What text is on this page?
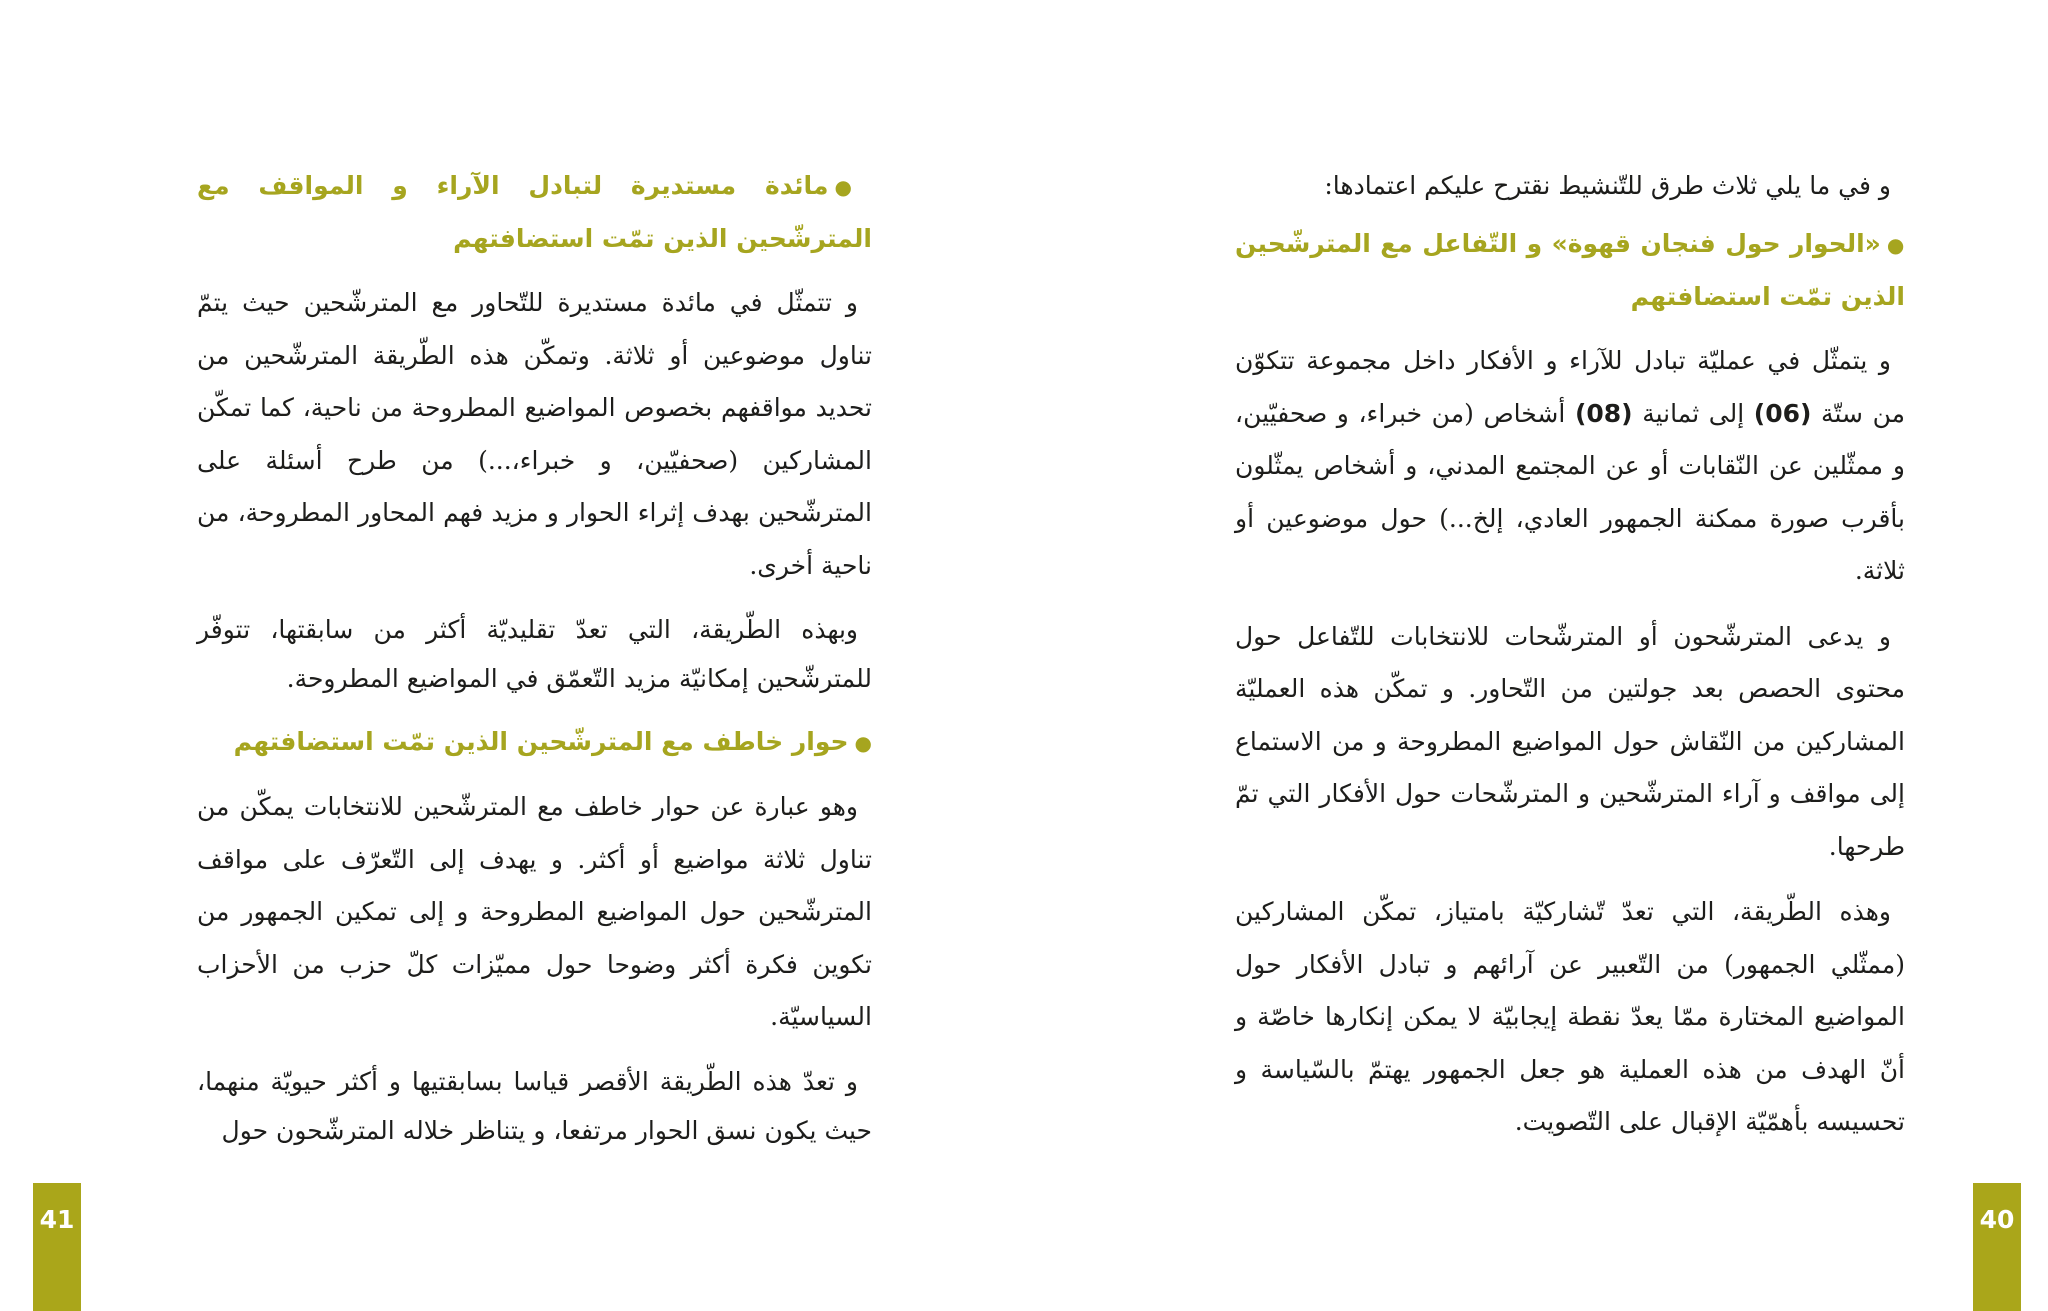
●مائدة مستديرة لتبادل الآراء و المواقف مع المترشّحين الذين تمّت استضافتهم

و تتمثّل في مائدة مستديرة للتّحاور مع المترشّحين حيث يتمّ تناول موضوعين أو ثلاثة. وتمكّن هذه الطّريقة المترشّحين من تحديد مواقفهم بخصوص المواضيع المطروحة من ناحية، كما تمكّن المشاركين (صحفيّين، و خبراء،...) من طرح أسئلة على المترشّحين بهدف إثراء الحوار و مزيد فهم المحاور المطروحة، من ناحية أخرى.

وبهذه الطّريقة، التي تعدّ تقليديّة أكثر من سابقتها، تتوفّر للمترشّحين إمكانيّة مزيد التّعمّق في المواضيع المطروحة.

●حوار خاطف مع المترشّحين الذين تمّت استضافتهم

وهو عبارة عن حوار خاطف مع المترشّحين للانتخابات يمكّن من تناول ثلاثة مواضيع أو أكثر. و يهدف إلى التّعرّف على مواقف المترشّحين حول المواضيع المطروحة و إلى تمكين الجمهور من تكوين فكرة أكثر وضوحا حول مميّزات كلّ حزب من الأحزاب السياسيّة.

و تعدّ هذه الطّريقة الأقصر قياسا بسابقتيها و أكثر حيويّة منهما، حيث يكون نسق الحوار مرتفعا، و يتناظر خلاله المترشّحون حول

و في ما يلي ثلاث طرق للتّنشيط نقترح عليكم اعتمادها:

●«الحوار حول فنجان قهوة» و التّفاعل مع المترشّحين الذين تمّت استضافتهم

و يتمثّل في عمليّة تبادل للآراء و الأفكار داخل مجموعة تتكوّن من ستّة (06) إلى ثمانية (08) أشخاص (من خبراء، و صحفيّين، و ممثّلين عن النّقابات أو عن المجتمع المدني، و أشخاص يمثّلون بأقرب صورة ممكنة الجمهور العادي، إلخ...) حول موضوعين أو ثلاثة.

و يدعى المترشّحون أو المترشّحات للانتخابات للتّفاعل حول محتوى الحصص بعد جولتين من التّحاور. و تمكّن هذه العمليّة المشاركين من النّقاش حول المواضيع المطروحة و من الاستماع إلى مواقف و آراء المترشّحين و المترشّحات حول الأفكار التي تمّ طرحها.

وهذه الطّريقة، التي تعدّ تّشاركيّة بامتياز، تمكّن المشاركين (ممثّلي الجمهور) من التّعبير عن آرائهم و تبادل الأفكار حول المواضيع المختارة ممّا يعدّ نقطة إيجابيّة لا يمكن إنكارها خاصّة و أنّ الهدف من هذه العملية هو جعل الجمهور يهتمّ بالسّياسة و تحسيسه بأهمّيّة الإقبال على التّصويت.

41	40
